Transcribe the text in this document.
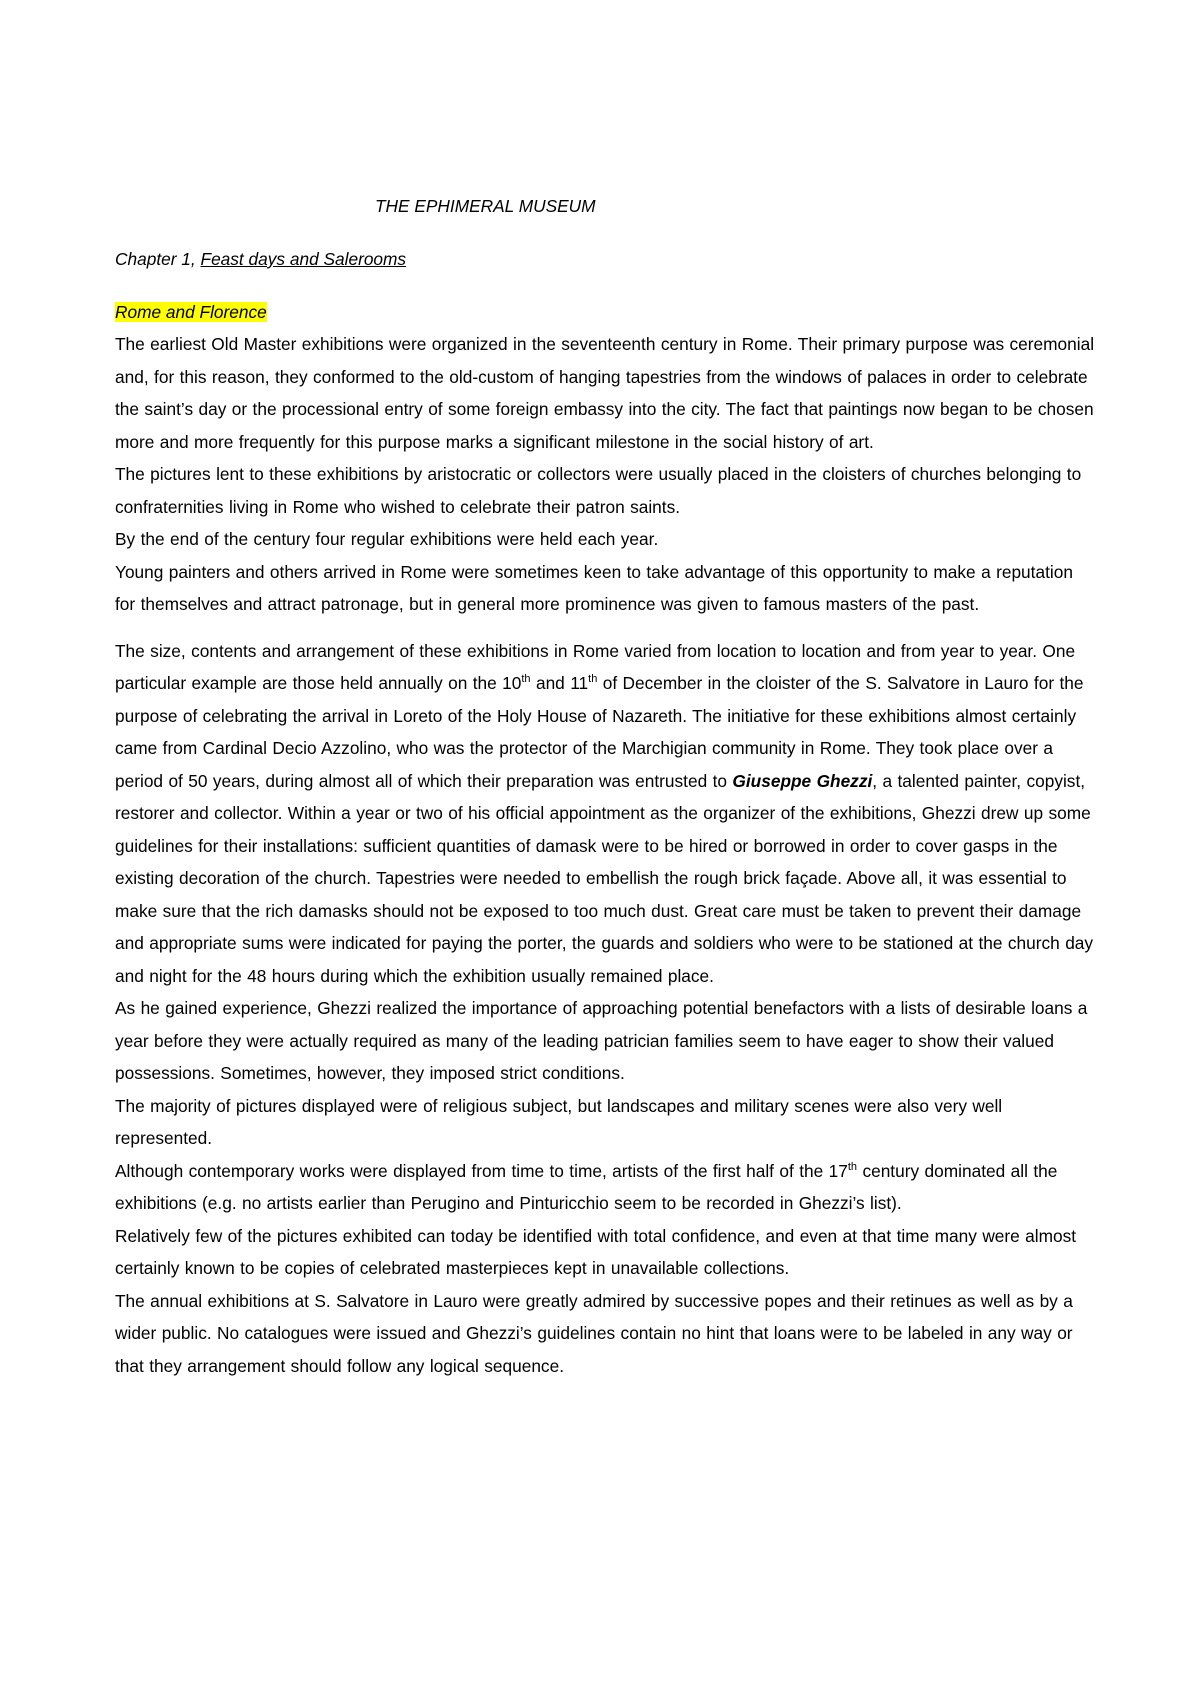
THE EPHIMERAL MUSEUM
Chapter 1, Feast days and Salerooms
Rome and Florence

The earliest Old Master exhibitions were organized in the seventeenth century in Rome. Their primary purpose was ceremonial and, for this reason, they conformed to the old-custom of hanging tapestries from the windows of palaces in order to celebrate the saint’s day or the processional entry of some foreign embassy into the city. The fact that paintings now began to be chosen more and more frequently for this purpose marks a significant milestone in the social history of art.

The pictures lent to these exhibitions by aristocratic or collectors were usually placed in the cloisters of churches belonging to confraternities living in Rome who wished to celebrate their patron saints.

By the end of the century four regular exhibitions were held each year.

Young painters and others arrived in Rome were sometimes keen to take advantage of this opportunity to make a reputation for themselves and attract patronage, but in general more prominence was given to famous masters of the past.

The size, contents and arrangement of these exhibitions in Rome varied from location to location and from year to year. One particular example are those held annually on the 10th and 11th of December in the cloister of the S. Salvatore in Lauro for the purpose of celebrating the arrival in Loreto of the Holy House of Nazareth. The initiative for these exhibitions almost certainly came from Cardinal Decio Azzolino, who was the protector of the Marchigian community in Rome. They took place over a period of 50 years, during almost all of which their preparation was entrusted to Giuseppe Ghezzi, a talented painter, copyist, restorer and collector. Within a year or two of his official appointment as the organizer of the exhibitions, Ghezzi drew up some guidelines for their installations: sufficient quantities of damask were to be hired or borrowed in order to cover gasps in the existing decoration of the church. Tapestries were needed to embellish the rough brick façade. Above all, it was essential to make sure that the rich damasks should not be exposed to too much dust. Great care must be taken to prevent their damage and appropriate sums were indicated for paying the porter, the guards and soldiers who were to be stationed at the church day and night for the 48 hours during which the exhibition usually remained place.

As he gained experience, Ghezzi realized the importance of approaching potential benefactors with a lists of desirable loans a year before they were actually required as many of the leading patrician families seem to have eager to show their valued possessions. Sometimes, however, they imposed strict conditions.

The majority of pictures displayed were of religious subject, but landscapes and military scenes were also very well represented.

Although contemporary works were displayed from time to time, artists of the first half of the 17th century dominated all the exhibitions (e.g. no artists earlier than Perugino and Pinturicchio seem to be recorded in Ghezzi’s list).

Relatively few of the pictures exhibited can today be identified with total confidence, and even at that time many were almost certainly known to be copies of celebrated masterpieces kept in unavailable collections.

The annual exhibitions at S. Salvatore in Lauro were greatly admired by successive popes and their retinues as well as by a wider public. No catalogues were issued and Ghezzi’s guidelines contain no hint that loans were to be labeled in any way or that they arrangement should follow any logical sequence.
